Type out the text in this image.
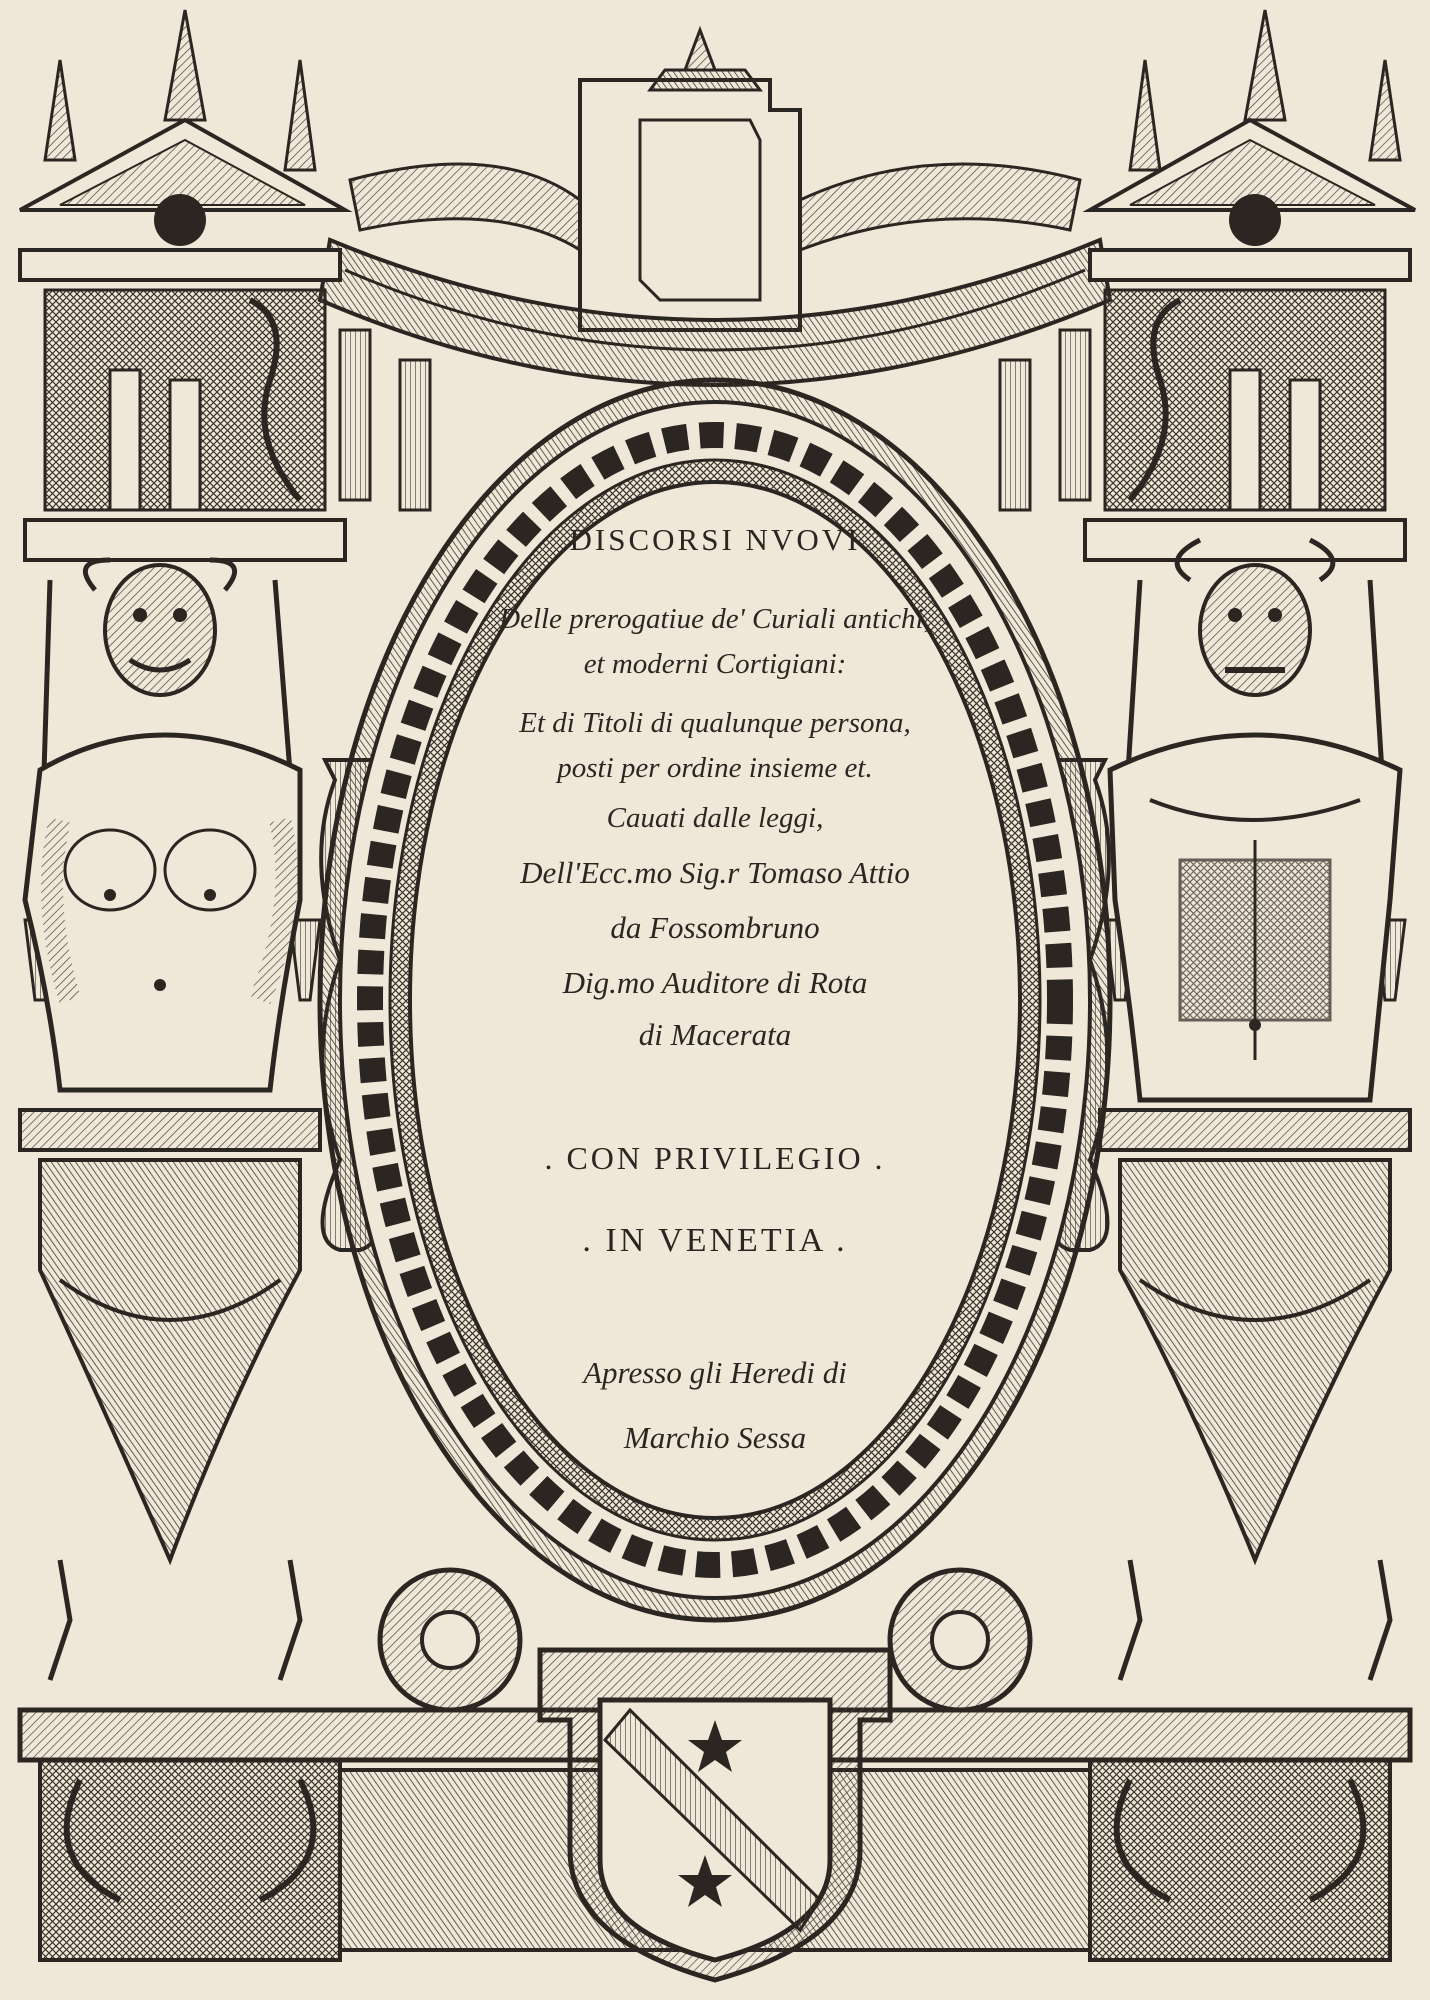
DISCORSI NVOVI
Delle prerogatiue de' Curiali antichi,
et moderni Cortigiani:
Et di Titoli di qualunque persona,
posti per ordine insieme et.
Cauati dalle leggi,
Dell'Ecc.mo Sig.r Tomaso Attio
da Fossombruno
Dig.mo Auditore di Rota
di Macerata
. CON PRIVILEGIO .
. IN VENETIA .
Apresso gli Heredi di
Marchio Sessa
